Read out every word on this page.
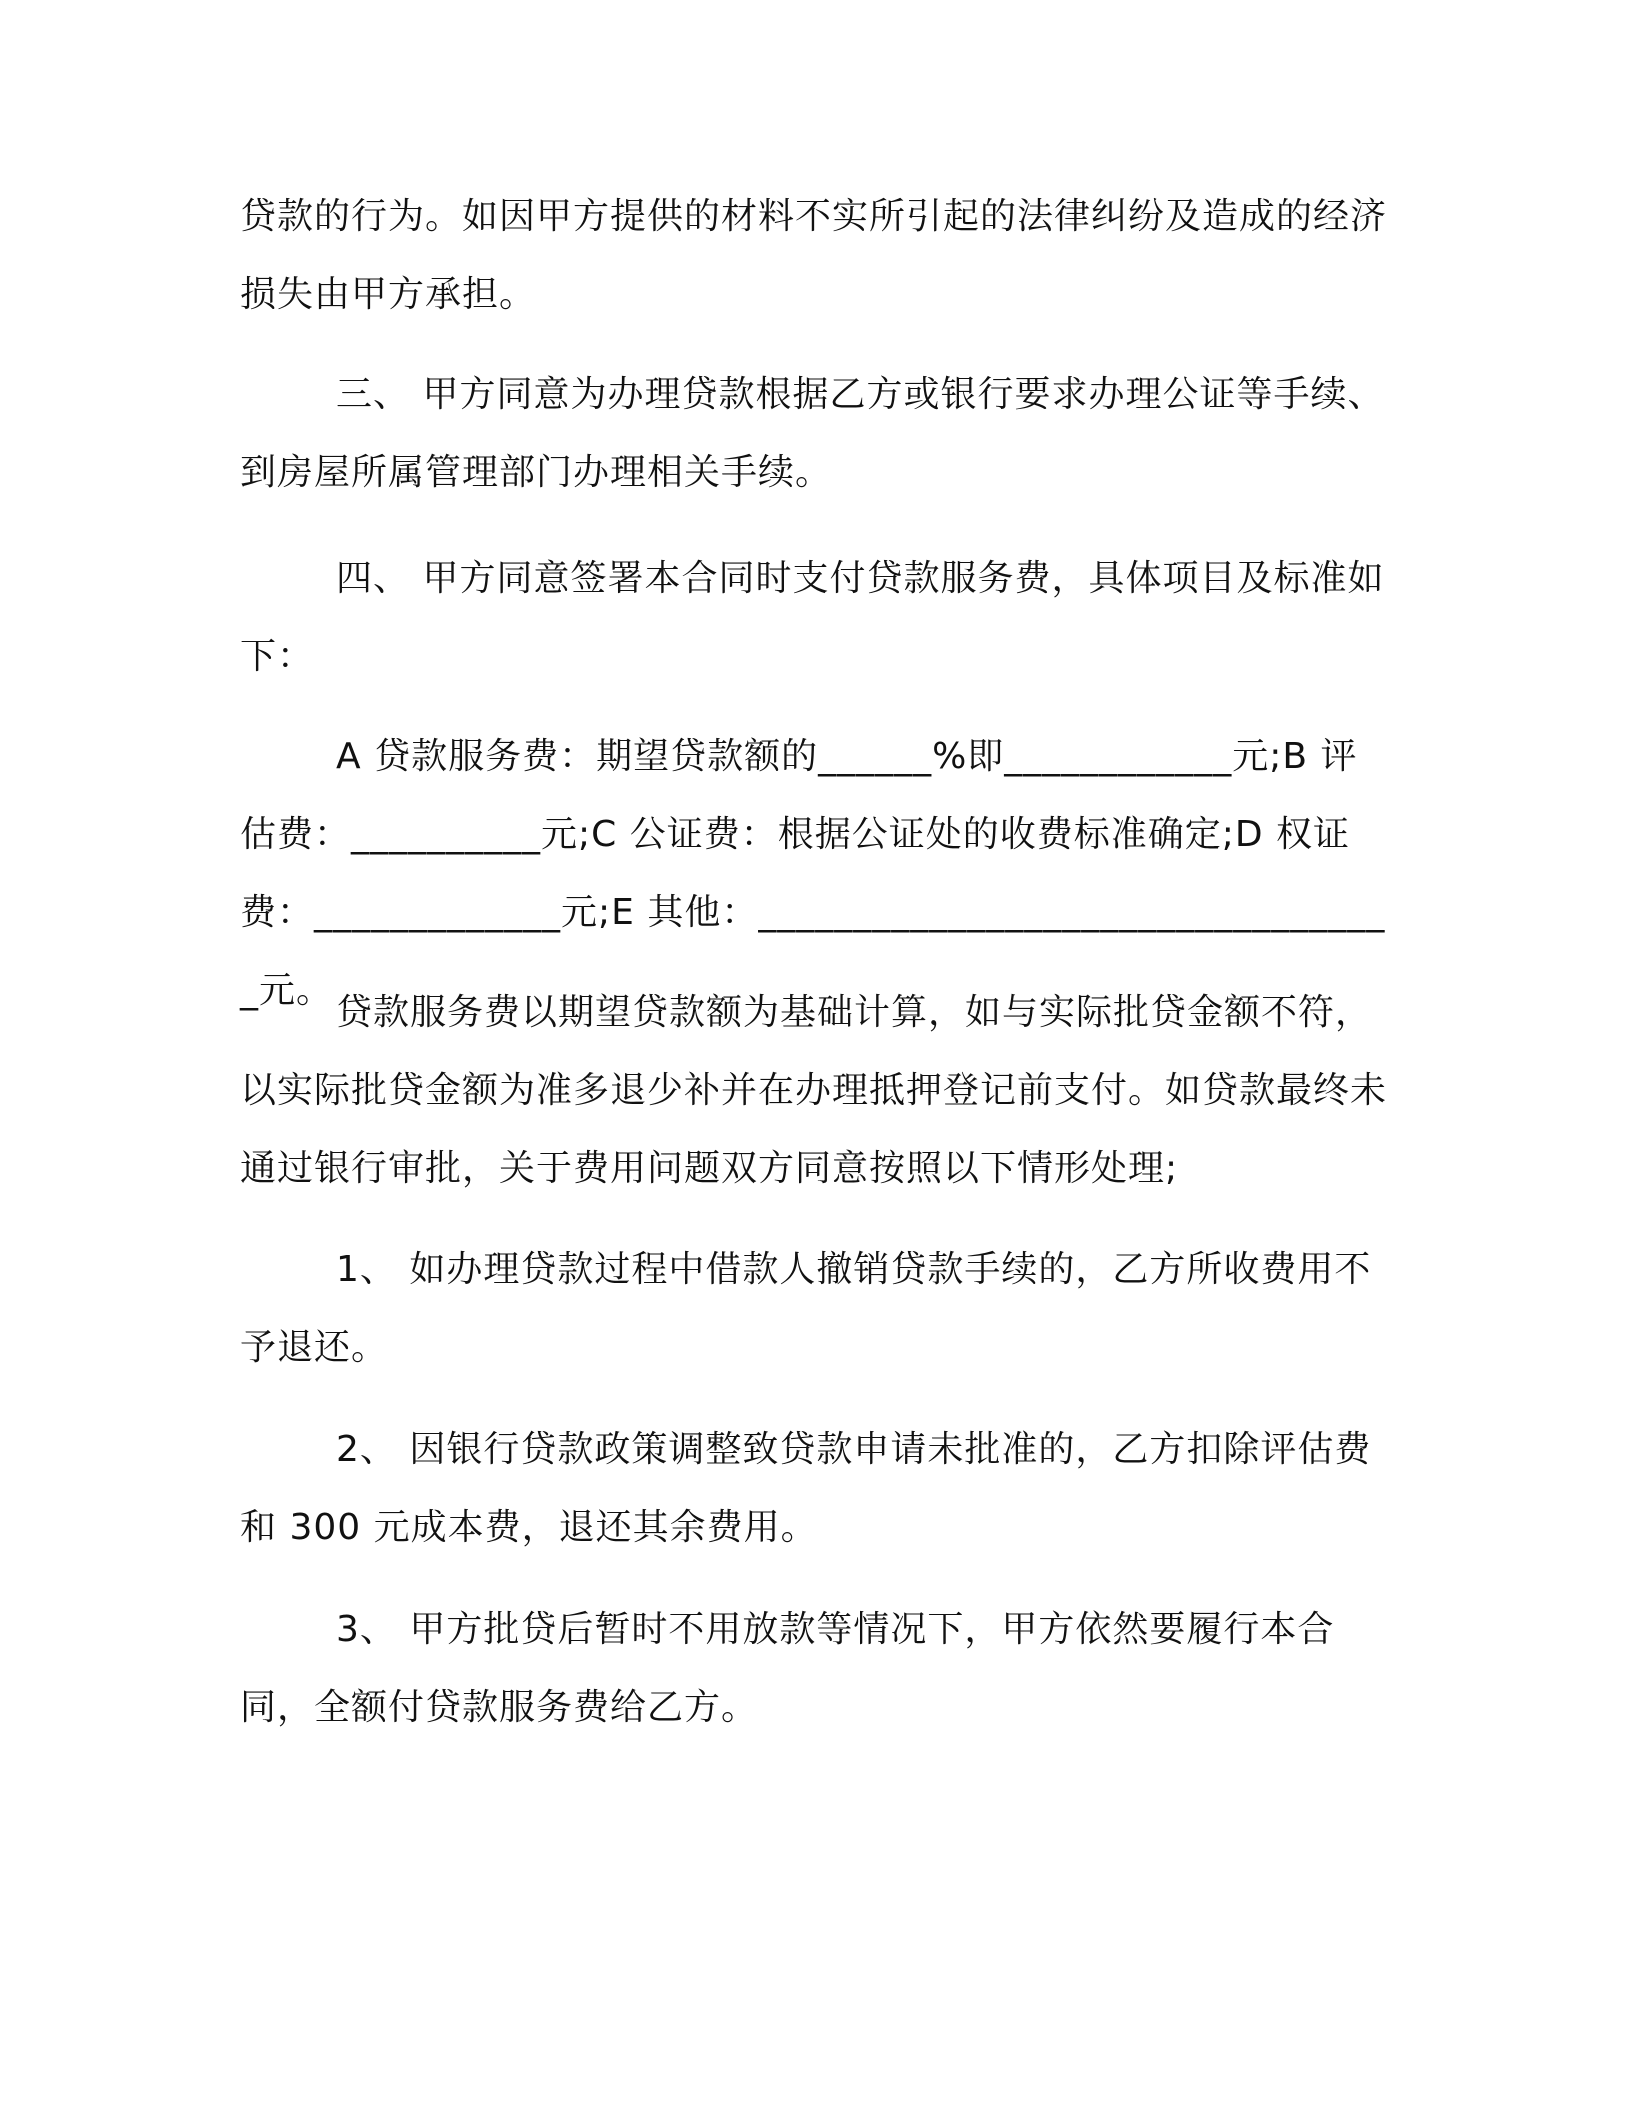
贷款的行为。如因甲方提供的材料不实所引起的法律纠纷及造成的经济损失由甲方承担。

三、 甲方同意为办理贷款根据乙方或银行要求办理公证等手续、到房屋所属管理部门办理相关手续。

四、 甲方同意签署本合同时支付贷款服务费，具体项目及标准如下：

A 贷款服务费：期望贷款额的______%即____________元;B 评估费：__________元;C 公证费：根据公证处的收费标准确定;D 权证费：_____________元;E 其他：__________________________________元。

贷款服务费以期望贷款额为基础计算，如与实际批贷金额不符，以实际批贷金额为准多退少补并在办理抵押登记前支付。如贷款最终未通过银行审批，关于费用问题双方同意按照以下情形处理;

1、 如办理贷款过程中借款人撤销贷款手续的，乙方所收费用不予退还。

2、 因银行贷款政策调整致贷款申请未批准的，乙方扣除评估费和 300 元成本费，退还其余费用。

3、 甲方批贷后暂时不用放款等情况下，甲方依然要履行本合同，全额付贷款服务费给乙方。
